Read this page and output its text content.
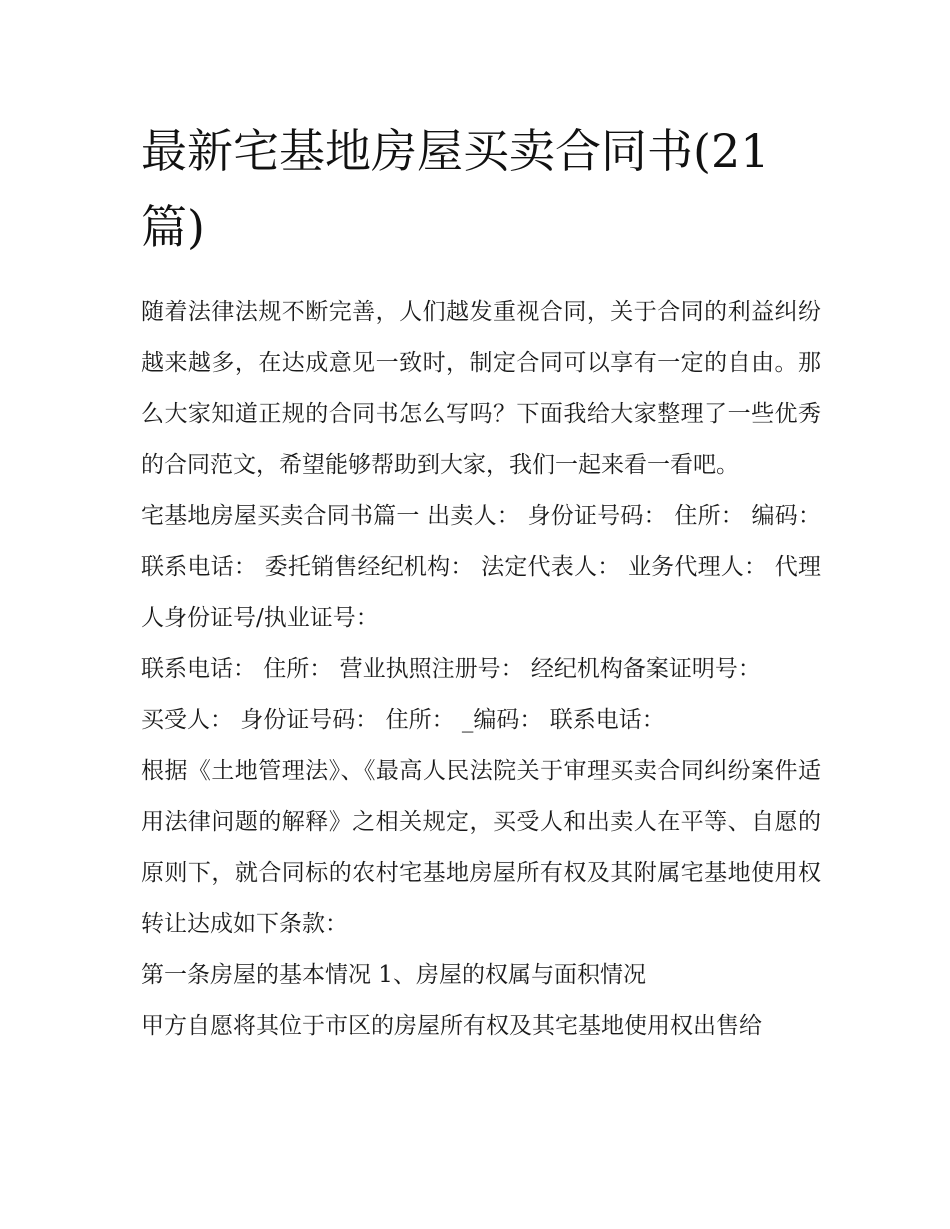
最新宅基地房屋买卖合同书(21篇)

随着法律法规不断完善，人们越发重视合同，关于合同的利益纠纷越来越多，在达成意见一致时，制定合同可以享有一定的自由。那么大家知道正规的合同书怎么写吗？下面我给大家整理了一些优秀的合同范文，希望能够帮助到大家，我们一起来看一看吧。

宅基地房屋买卖合同书篇一 出卖人： 身份证号码： 住所： 编码： 联系电话： 委托销售经纪机构： 法定代表人： 业务代理人： 代理人身份证号/执业证号：

联系电话： 住所： 营业执照注册号： 经纪机构备案证明号：

买受人： 身份证号码： 住所： _编码： 联系电话：

根据《土地管理法》、《最高人民法院关于审理买卖合同纠纷案件适用法律问题的解释》之相关规定，买受人和出卖人在平等、自愿的原则下，就合同标的农村宅基地房屋所有权及其附属宅基地使用权转让达成如下条款：

第一条房屋的基本情况 1、房屋的权属与面积情况

甲方自愿将其位于市区的房屋所有权及其宅基地使用权出售给
